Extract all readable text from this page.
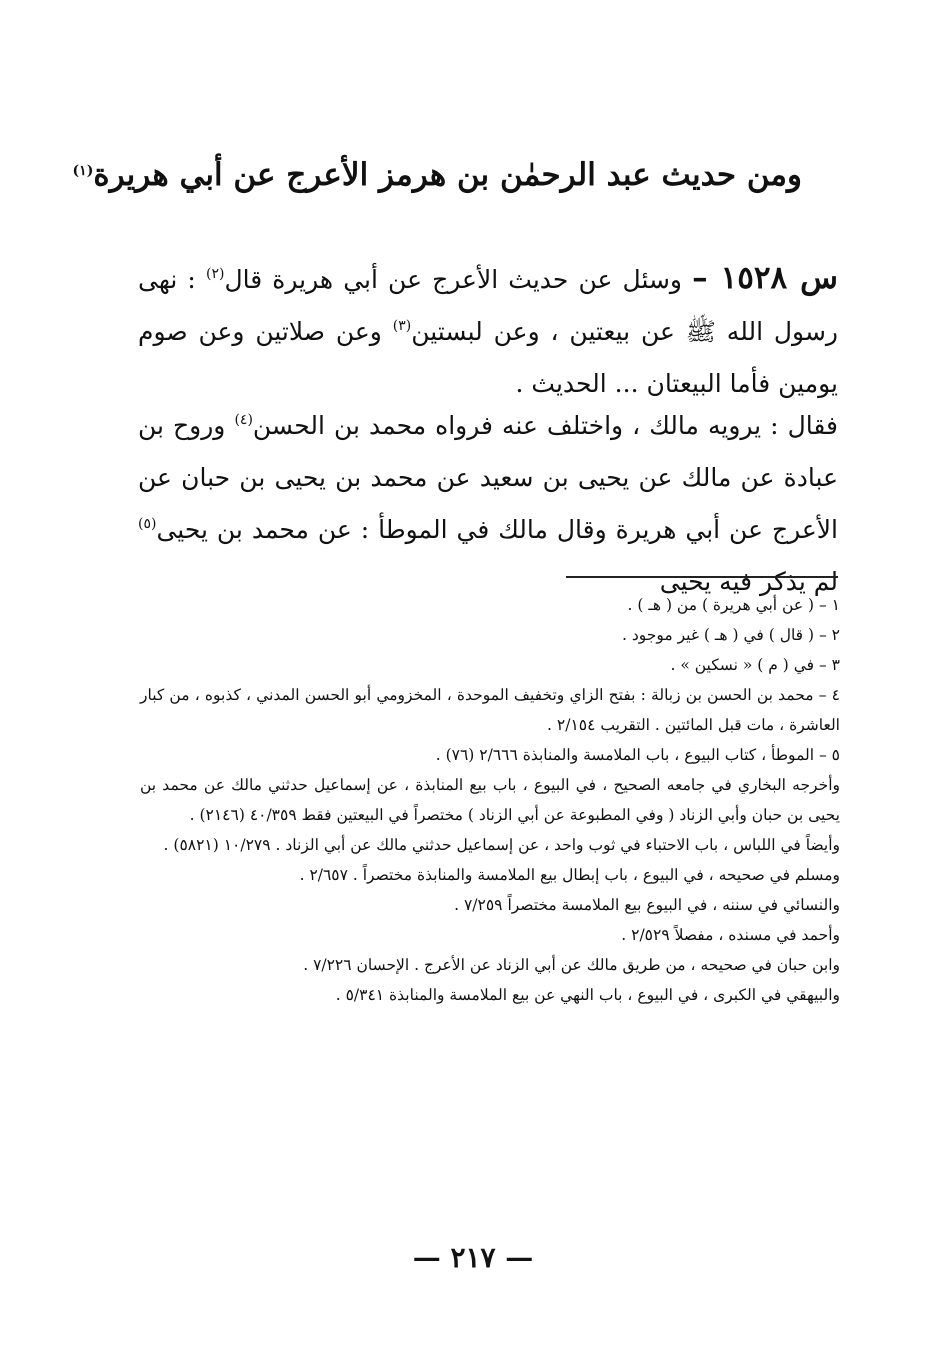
ومن حديث عبد الرحمٰن بن هرمز الأعرج عن أبي هريرة$^{(١)}$

س ١٥٢٨ – وسئل عن حديث الأعرج عن أبي هريرة قال$^{(٢)}$ : نهى رسول الله ﷺ عن بيعتين ، وعن لبستين$^{(٣)}$ وعن صلاتين وعن صوم يومين فأما البيعتان ... الحديث .

فقال : يرويه مالك ، واختلف عنه فرواه محمد بن الحسن$^{(٤)}$ وروح بن عبادة عن مالك عن يحيى بن سعيد عن محمد بن يحيى بن حبان عن الأعرج عن أبي هريرة وقال مالك في الموطأ : عن محمد بن يحيى$^{(٥)}$ لم يذكر فيه يحيى

١ – ( عن أبي هريرة ) من ( هـ ) .

٢ – ( قال ) في ( هـ ) غير موجود .

٣ – في ( م ) « نسكين » .

٤ – محمد بن الحسن بن زبالة : بفتح الزاي وتخفيف الموحدة ، المخزومي أبو الحسن المدني ، كذبوه ، من كبار العاشرة ، مات قبل المائتين . التقريب ٢/١٥٤ .

٥ – الموطأ ، كتاب البيوع ، باب الملامسة والمنابذة ٢/٦٦٦ (٧٦) .

وأخرجه البخاري في جامعه الصحيح ، في البيوع ، باب بيع المنابذة ، عن إسماعيل حدثني مالك عن محمد بن يحيى بن حبان وأبي الزناد ( وفي المطبوعة عن أبي الزناد ) مختصراً في البيعتين فقط ٤٠/٣٥٩ (٢١٤٦) .

وأيضاً في اللباس ، باب الاحتباء في ثوب واحد ، عن إسماعيل حدثني مالك عن أبي الزناد . ١٠/٢٧٩ (٥٨٢١) .

ومسلم في صحيحه ، في البيوع ، باب إبطال بيع الملامسة والمنابذة مختصراً . ٢/٦٥٧ .

والنسائي في سننه ، في البيوع بيع الملامسة مختصراً ٧/٢٥٩ .

وأحمد في مسنده ، مفصلاً ٢/٥٢٩ .

وابن حبان في صحيحه ، من طريق مالك عن أبي الزناد عن الأعرج . الإحسان ٧/٢٢٦ .

والبيهقي في الكبرى ، في البيوع ، باب النهي عن بيع الملامسة والمنابذة ٥/٣٤١ .

— ٢١٧ —
